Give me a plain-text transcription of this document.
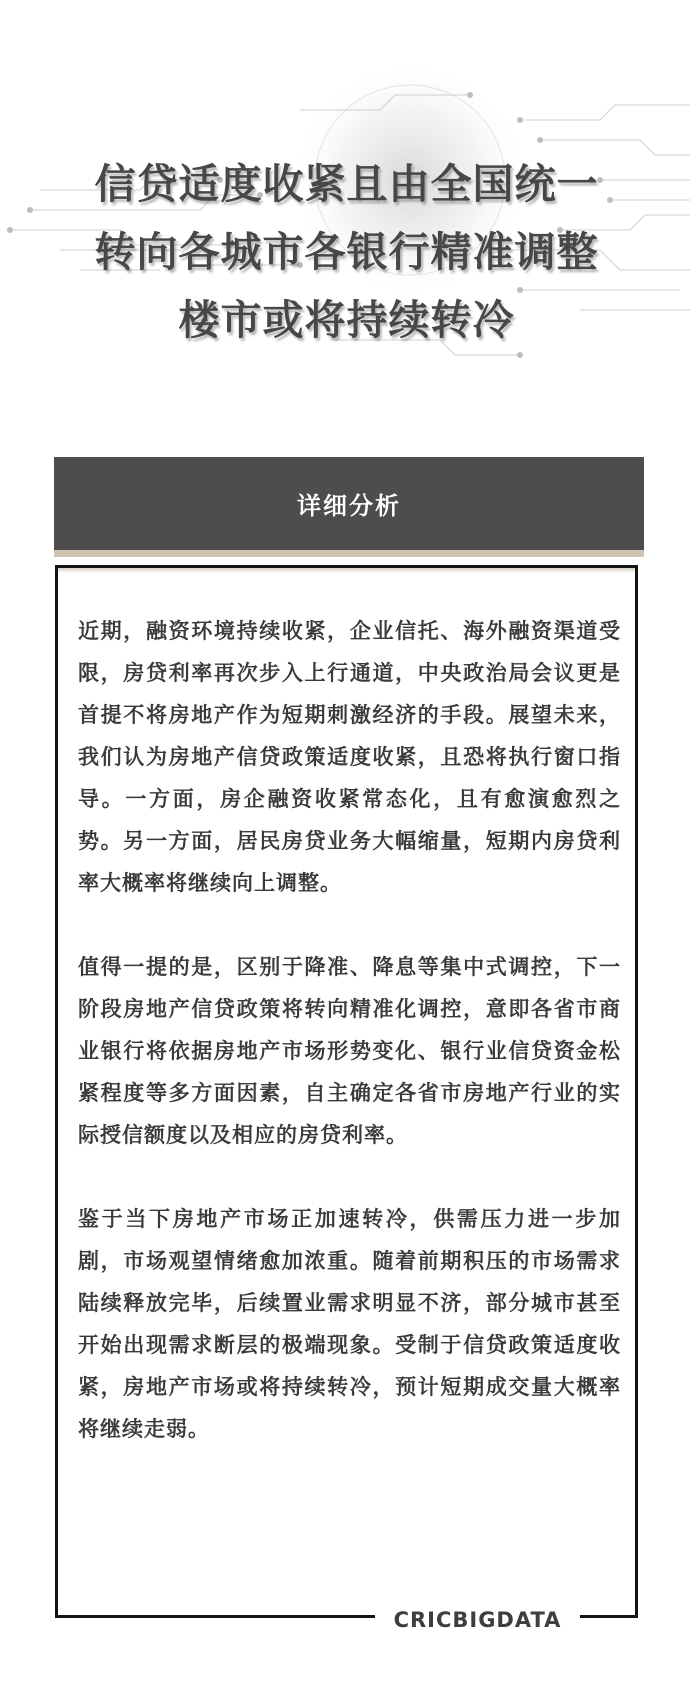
信贷适度收紧且由全国统一
转向各城市各银行精准调整
楼市或将持续转冷
详细分析

近期，融资环境持续收紧，企业信托、海外融资渠道受限，房贷利率再次步入上行通道，中央政治局会议更是首提不将房地产作为短期刺激经济的手段。展望未来，我们认为房地产信贷政策适度收紧，且恐将执行窗口指导。一方面，房企融资收紧常态化，且有愈演愈烈之势。另一方面，居民房贷业务大幅缩量，短期内房贷利率大概率将继续向上调整。

值得一提的是，区别于降准、降息等集中式调控，下一阶段房地产信贷政策将转向精准化调控，意即各省市商业银行将依据房地产市场形势变化、银行业信贷资金松紧程度等多方面因素，自主确定各省市房地产行业的实际授信额度以及相应的房贷利率。

鉴于当下房地产市场正加速转冷，供需压力进一步加剧，市场观望情绪愈加浓重。随着前期积压的市场需求陆续释放完毕，后续置业需求明显不济，部分城市甚至开始出现需求断层的极端现象。受制于信贷政策适度收紧，房地产市场或将持续转冷，预计短期成交量大概率将继续走弱。

CRICBIGDATA
